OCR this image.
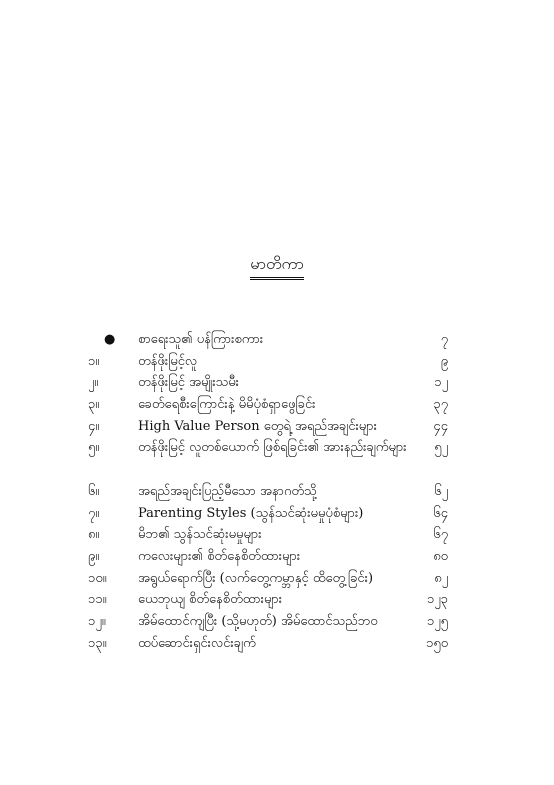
မာတိကာ
●	စာရေးသူ၏ ပန်ကြားစကား	၇
၁။	တန်ဖိုးမြင့်လူ	၉
၂။	တန်ဖိုးမြင့် အမျိုးသမီး	၁၂
၃။	ခေတ်ရေစီးကြောင်းနဲ့ မိမိပုံစံရှာဖွေခြင်း	၃၇
၄။	High Value Person တွေရဲ့ အရည်အချင်းများ	၄၄
၅။	တန်ဖိုးမြင့် လူတစ်ယောက် ဖြစ်ရခြင်း၏ အားနည်းချက်များ	၅၂
၆။	အရည်အချင်းပြည့်မီသော အနာဂတ်သို့	၆၂
၇။	Parenting Styles (သွန်သင်ဆုံးမမှုပုံစံများ)	၆၄
၈။	မိဘ၏ သွန်သင်ဆုံးမမှုများ	၆၇
၉။	ကလေးများ၏ စိတ်နေစိတ်ထားများ	၈၀
၁၀။	အရွယ်ရောက်ပြီး (လက်တွေ့ကမ္ဘာနှင့် ထိတွေ့ခြင်း)	၈၂
၁၁။	ယေဘုယျ စိတ်နေစိတ်ထားများ	၁၂၃
၁၂။	အိမ်ထောင်ကျပြီး (သို့မဟုတ်) အိမ်ထောင်သည်ဘဝ	၁၂၅
၁၃။	ထပ်ဆောင်းရှင်းလင်းချက်	၁၅၀
